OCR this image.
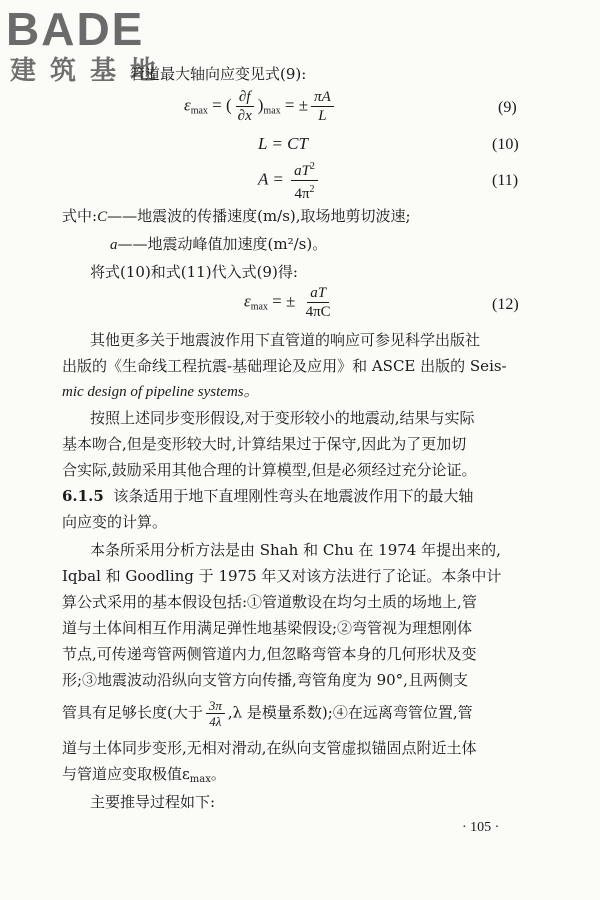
BADE
建筑基地
管道最大轴向应变见式(9):
$\varepsilon_{max}$ = ( $\frac{\partial f}{\partial x} )_{max}$ = ± $\frac{\pi A}{L}$	(9)
L = CT	(10)
$A = \frac{aT^2}{4\pi^2}$	(11)
式中:C——地震波的传播速度(m/s),取场地剪切波速;
a——地震动峰值加速度(m²/s)。
将式(10)和式(11)代入式(9)得:
$\varepsilon_{max}$ = ± $\frac{aT}{4\pi C}$	(12)
其他更多关于地震波作用下直管道的响应可参见科学出版社
出版的《生命线工程抗震-基础理论及应用》和 ASCE 出版的 Seis-
mic design of pipeline systems。
按照上述同步变形假设,对于变形较小的地震动,结果与实际
基本吻合,但是变形较大时,计算结果过于保守,因此为了更加切
合实际,鼓励采用其他合理的计算模型,但是必须经过充分论证。
6.1.5 该条适用于地下直埋刚性弯头在地震波作用下的最大轴
向应变的计算。
本条所采用分析方法是由 Shah 和 Chu 在 1974 年提出来的,
Iqbal 和 Goodling 于 1975 年又对该方法进行了论证。本条中计
算公式采用的基本假设包括:①管道敷设在均匀土质的场地上,管
道与土体间相互作用满足弹性地基梁假设;②弯管视为理想刚体
节点,可传递弯管两侧管道内力,但忽略弯管本身的几何形状及变
形;③地震波动沿纵向支管方向传播,弯管角度为 90°,且两侧支
管具有足够长度(大于 $\frac{3\pi}{4\lambda} ,\lambda$ 是模量系数);④在远离弯管位置,管
道与土体同步变形,无相对滑动,在纵向支管虚拟锚固点附近土体
与管道应变取极值$\varepsilon_{max}$。
主要推导过程如下:
· 105 ·
